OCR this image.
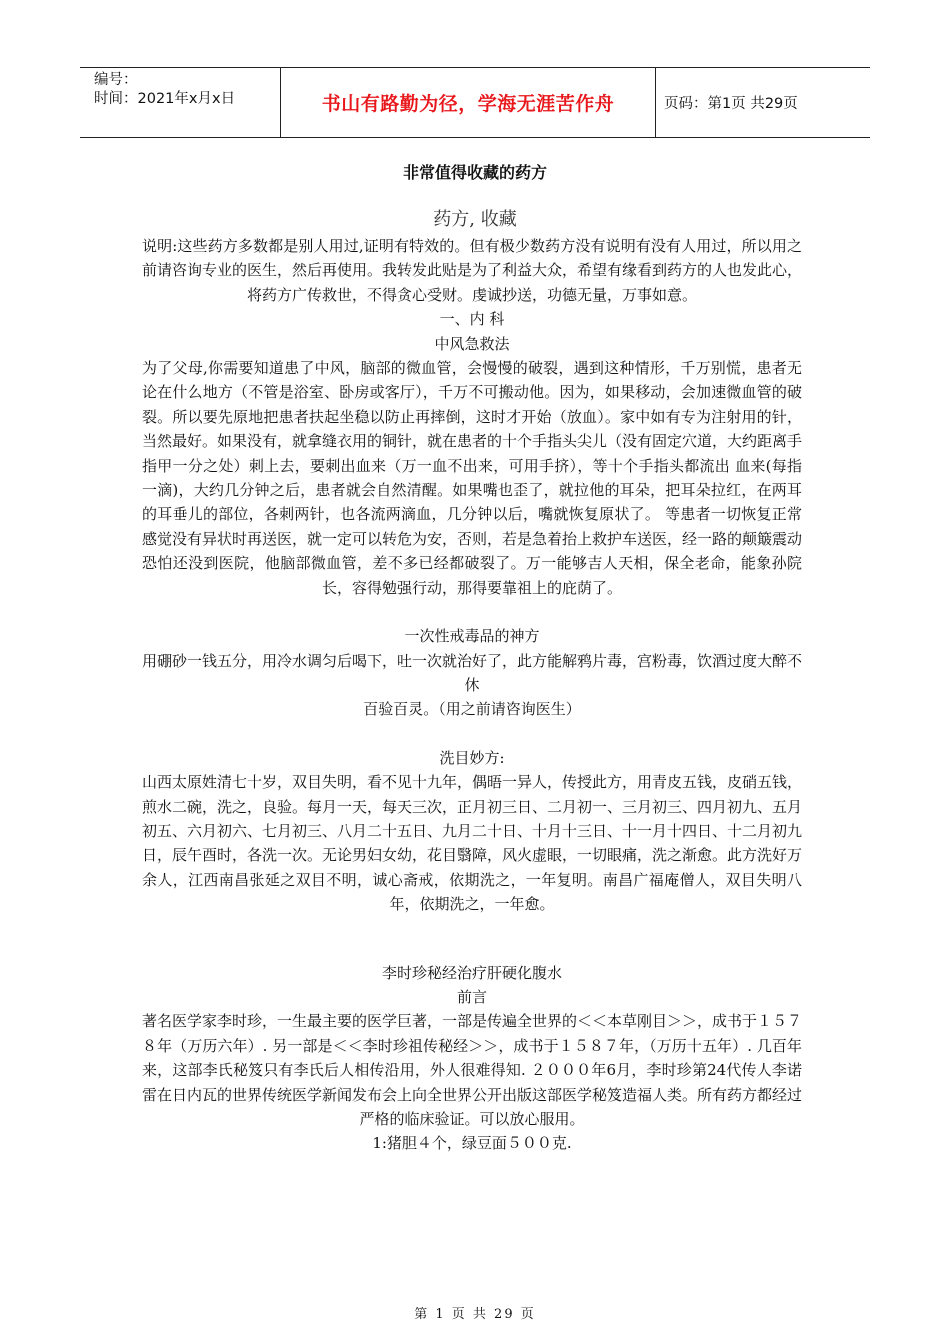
编号：
时间：2021年x月x日	书山有路勤为径，学海无涯苦作舟	页码：第1页 共29页
非常值得收藏的药方
药方, 收藏

说明:这些药方多数都是别人用过,证明有特效的。但有极少数药方没有说明有没有人用过，所以用之前请咨询专业的医生，然后再使用。我转发此贴是为了利益大众，希望有缘看到药方的人也发此心，将药方广传救世，不得贪心受财。虔诚抄送，功德无量，万事如意。

一、内 科

中风急救法

为了父母,你需要知道患了中风，脑部的微血管，会慢慢的破裂，遇到这种情形，千万别慌，患者无论在什么地方（不管是浴室、卧房或客厅），千万不可搬动他。因为，如果移动，会加速微血管的破裂。所以要先原地把患者扶起坐稳以防止再摔倒，这时才开始（放血）。家中如有专为注射用的针，当然最好。如果没有，就拿缝衣用的铜针，就在患者的十个手指头尖儿（没有固定穴道，大约距离手指甲一分之处）刺上去，要刺出血来（万一血不出来，可用手挤），等十个手指头都流出 血来(每指一滴)，大约几分钟之后，患者就会自然清醒。如果嘴也歪了，就拉他的耳朵，把耳朵拉红，在两耳的耳垂儿的部位，各刺两针，也各流两滴血，几分钟以后，嘴就恢复原状了。 等患者一切恢复正常感觉没有异状时再送医，就一定可以转危为安，否则，若是急着抬上救护车送医，经一路的颠簸震动恐怕还没到医院，他脑部微血管，差不多已经都破裂了。万一能够吉人天相，保全老命，能象孙院长，容得勉强行动，那得要靠祖上的庇荫了。

一次性戒毒品的神方

用硼砂一钱五分，用冷水调匀后喝下，吐一次就治好了，此方能解鸦片毒，宫粉毒，饮酒过度大醉不休

百验百灵。（用之前请咨询医生）

洗目妙方:

山西太原姓清七十岁，双目失明，看不见十九年，偶晤一异人，传授此方，用青皮五钱，皮硝五钱，煎水二碗，洗之，良验。每月一天，每天三次，正月初三日、二月初一、三月初三、四月初九、五月初五、六月初六、七月初三、八月二十五日、九月二十日、十月十三日、十一月十四日、十二月初九日，辰午酉时，各洗一次。无论男妇女幼，花目翳障，风火虚眼，一切眼痛，洗之渐愈。此方洗好万余人，江西南昌张延之双目不明，诚心斋戒，依期洗之，一年复明。南昌广福庵僧人，双目失明八年，依期洗之，一年愈。

李时珍秘经治疗肝硬化腹水

前言

著名医学家李时珍，一生最主要的医学巨著，一部是传遍全世界的＜＜本草刚目＞＞，成书于１５７８年（万历六年）. 另一部是＜＜李时珍祖传秘经＞＞，成书于１５８７年，（万历十五年）. 几百年来，这部李氏秘笈只有李氏后人相传沿用，外人很难得知. ２０００年6月，李时珍第24代传人李诺雷在日内瓦的世界传统医学新闻发布会上向全世界公开出版这部医学秘笈造福人类。所有药方都经过严格的临床验证。可以放心服用。

1:猪胆４个，绿豆面５００克.

第 1 页 共 29 页
